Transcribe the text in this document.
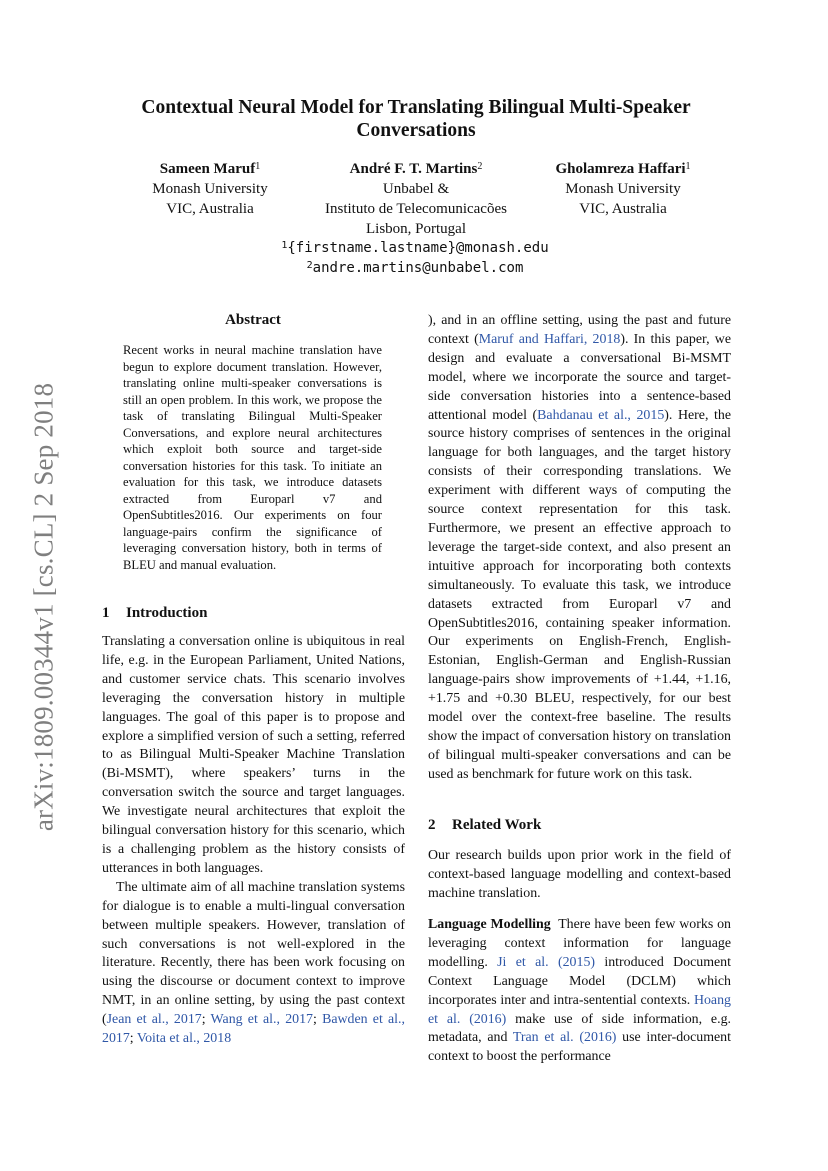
arXiv:1809.00344v1 [cs.CL] 2 Sep 2018
Contextual Neural Model for Translating Bilingual Multi-Speaker Conversations
Sameen Maruf$^1$
Monash University
VIC, Australia
André F. T. Martins$^2$
Unbabel &
Instituto de Telecomunicacões
Lisbon, Portugal
Gholamreza Haffari$^1$
Monash University
VIC, Australia
$^1${firstname.lastname}@monash.edu
$^2$andre.martins@unbabel.com
Abstract
Recent works in neural machine translation have begun to explore document translation. However, translating online multi-speaker conversations is still an open problem. In this work, we propose the task of translating Bilingual Multi-Speaker Conversations, and explore neural architectures which exploit both source and target-side conversation histories for this task. To initiate an evaluation for this task, we introduce datasets extracted from Europarl v7 and OpenSubtitles2016. Our experiments on four language-pairs confirm the significance of leveraging conversation history, both in terms of BLEU and manual evaluation.
1 Introduction

Translating a conversation online is ubiquitous in real life, e.g. in the European Parliament, United Nations, and customer service chats. This scenario involves leveraging the conversation history in multiple languages. The goal of this paper is to propose and explore a simplified version of such a setting, referred to as Bilingual Multi-Speaker Machine Translation (Bi-MSMT), where speakers’ turns in the conversation switch the source and target languages. We investigate neural architectures that exploit the bilingual conversation history for this scenario, which is a challenging problem as the history consists of utterances in both languages.

The ultimate aim of all machine translation systems for dialogue is to enable a multi-lingual conversation between multiple speakers. However, translation of such conversations is not well-explored in the literature. Recently, there has been work focusing on using the discourse or document context to improve NMT, in an online setting, by using the past context (Jean et al., 2017; Wang et al., 2017; Bawden et al., 2017; Voita et al., 2018

), and in an offline setting, using the past and future context (Maruf and Haffari, 2018). In this paper, we design and evaluate a conversational Bi-MSMT model, where we incorporate the source and target-side conversation histories into a sentence-based attentional model (Bahdanau et al., 2015). Here, the source history comprises of sentences in the original language for both languages, and the target history consists of their corresponding translations. We experiment with different ways of computing the source context representation for this task. Furthermore, we present an effective approach to leverage the target-side context, and also present an intuitive approach for incorporating both contexts simultaneously. To evaluate this task, we introduce datasets extracted from Europarl v7 and OpenSubtitles2016, containing speaker information. Our experiments on English-French, English-Estonian, English-German and English-Russian language-pairs show improvements of +1.44, +1.16, +1.75 and +0.30 BLEU, respectively, for our best model over the context-free baseline. The results show the impact of conversation history on translation of bilingual multi-speaker conversations and can be used as benchmark for future work on this task.

2 Related Work

Our research builds upon prior work in the field of context-based language modelling and context-based machine translation.

Language Modelling There have been few works on leveraging context information for language modelling. Ji et al. (2015) introduced Document Context Language Model (DCLM) which incorporates inter and intra-sentential contexts. Hoang et al. (2016) make use of side information, e.g. metadata, and Tran et al. (2016) use inter-document context to boost the performance
